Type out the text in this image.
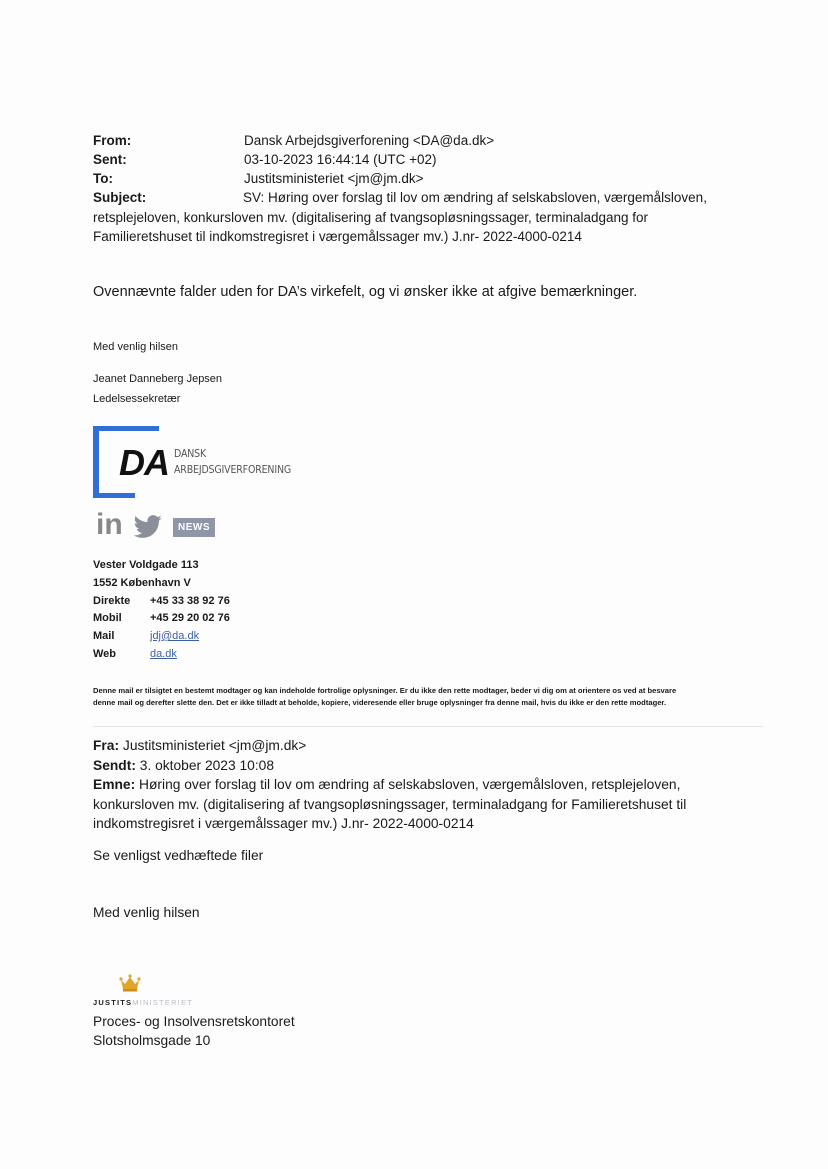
From:	Dansk Arbejdsgiverforening <DA@da.dk>
Sent:	03-10-2023 16:44:14 (UTC +02)
To:	Justitsministeriet <jm@jm.dk>
Subject:	SV: Høring over forslag til lov om ændring af selskabsloven, værgemålsloven, retsplejeloven, konkursloven mv. (digitalisering af tvangsopløsningssager, terminaladgang for Familieretshuset til indkomstregisret i værgemålssager mv.) J.nr- 2022-4000-0214
Ovennævnte falder uden for DA’s virkefelt, og vi ønsker ikke at afgive bemærkninger.
Med venlig hilsen
Jeanet Danneberg Jepsen
Ledelsessekretær
DA DANSK
ARBEJDSGIVERFORENING
in	NEWS
Vester Voldgade 113
1552 København V
Direkte +45 33 38 92 76
Mobil	+45 29 20 02 76
Mail	jdj@da.dk
Web	da.dk
Denne mail er tilsigtet en bestemt modtager og kan indeholde fortrolige oplysninger. Er du ikke den rette modtager, beder vi dig om at orientere os ved at besvare
denne mail og derefter slette den. Det er ikke tilladt at beholde, kopiere, videresende eller bruge oplysninger fra denne mail, hvis du ikke er den rette modtager.
Fra: Justitsministeriet <jm@jm.dk>
Sendt: 3. oktober 2023 10:08
Emne: Høring over forslag til lov om ændring af selskabsloven, værgemålsloven, retsplejeloven, konkursloven mv. (digitalisering af tvangsopløsningssager, terminaladgang for Familieretshuset til indkomstregisret i værgemålssager mv.) J.nr- 2022-4000-0214
Se venligst vedhæftede filer
Med venlig hilsen
JUSTITSMINISTERIET
Proces- og Insolvensretskontoret
Slotsholmsgade 10
